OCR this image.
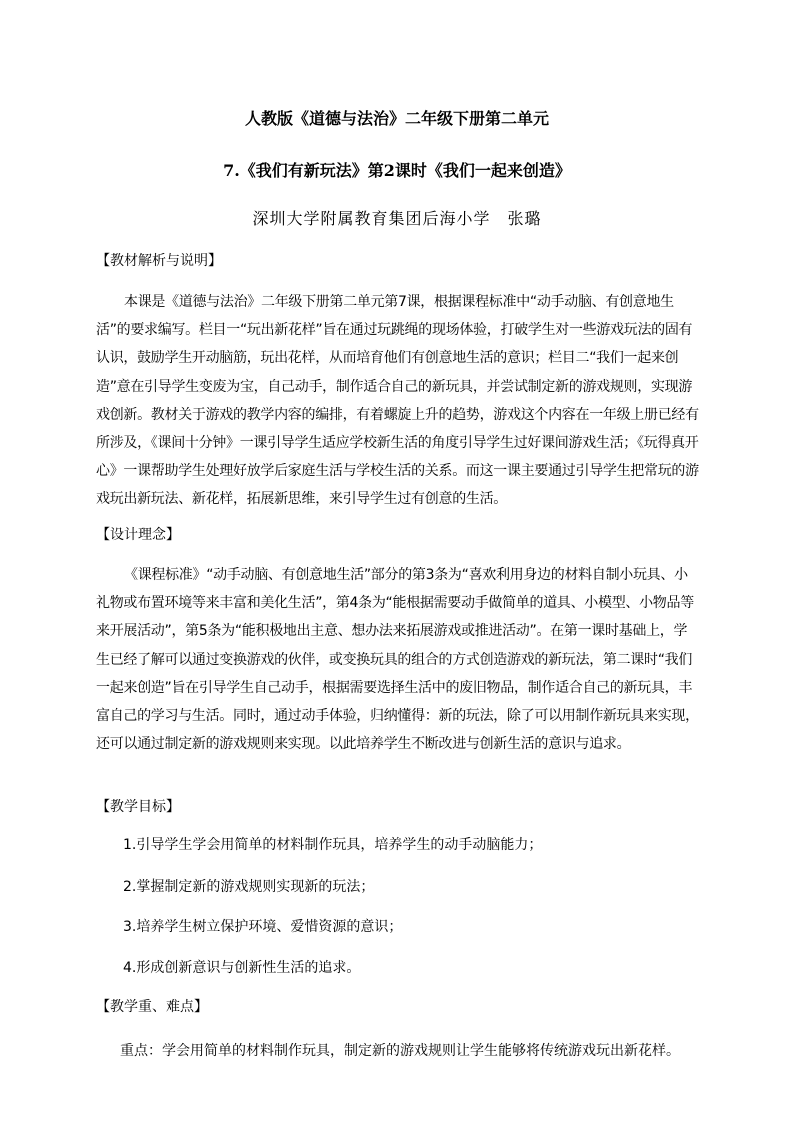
人教版《道德与法治》二年级下册第二单元
7.《我们有新玩法》第2课时《我们一起来创造》
深圳大学附属教育集团后海小学　张璐
【教材解析与说明】
本课是《道德与法治》二年级下册第二单元第7课，根据课程标准中“动手动脑、有创意地生活”的要求编写。栏目一“玩出新花样”旨在通过玩跳绳的现场体验，打破学生对一些游戏玩法的固有认识，鼓励学生开动脑筋，玩出花样，从而培育他们有创意地生活的意识；栏目二“我们一起来创造”意在引导学生变废为宝，自己动手，制作适合自己的新玩具，并尝试制定新的游戏规则，实现游戏创新。教材关于游戏的教学内容的编排，有着螺旋上升的趋势，游戏这个内容在一年级上册已经有所涉及，《课间十分钟》一课引导学生适应学校新生活的角度引导学生过好课间游戏生活；《玩得真开心》一课帮助学生处理好放学后家庭生活与学校生活的关系。而这一课主要通过引导学生把常玩的游戏玩出新玩法、新花样，拓展新思维，来引导学生过有创意的生活。
【设计理念】
《课程标准》“动手动脑、有创意地生活”部分的第3条为“喜欢利用身边的材料自制小玩具、小礼物或布置环境等来丰富和美化生活”，第4条为“能根据需要动手做简单的道具、小模型、小物品等来开展活动”，第5条为“能积极地出主意、想办法来拓展游戏或推进活动”。在第一课时基础上，学生已经了解可以通过变换游戏的伙伴，或变换玩具的组合的方式创造游戏的新玩法，第二课时“我们一起来创造”旨在引导学生自己动手，根据需要选择生活中的废旧物品，制作适合自己的新玩具，丰富自己的学习与生活。同时，通过动手体验，归纳懂得：新的玩法，除了可以用制作新玩具来实现，还可以通过制定新的游戏规则来实现。以此培养学生不断改进与创新生活的意识与追求。
【教学目标】
1.引导学生学会用简单的材料制作玩具，培养学生的动手动脑能力；
2.掌握制定新的游戏规则实现新的玩法；
3.培养学生树立保护环境、爱惜资源的意识；
4.形成创新意识与创新性生活的追求。
【教学重、难点】
重点：学会用简单的材料制作玩具，制定新的游戏规则让学生能够将传统游戏玩出新花样。
